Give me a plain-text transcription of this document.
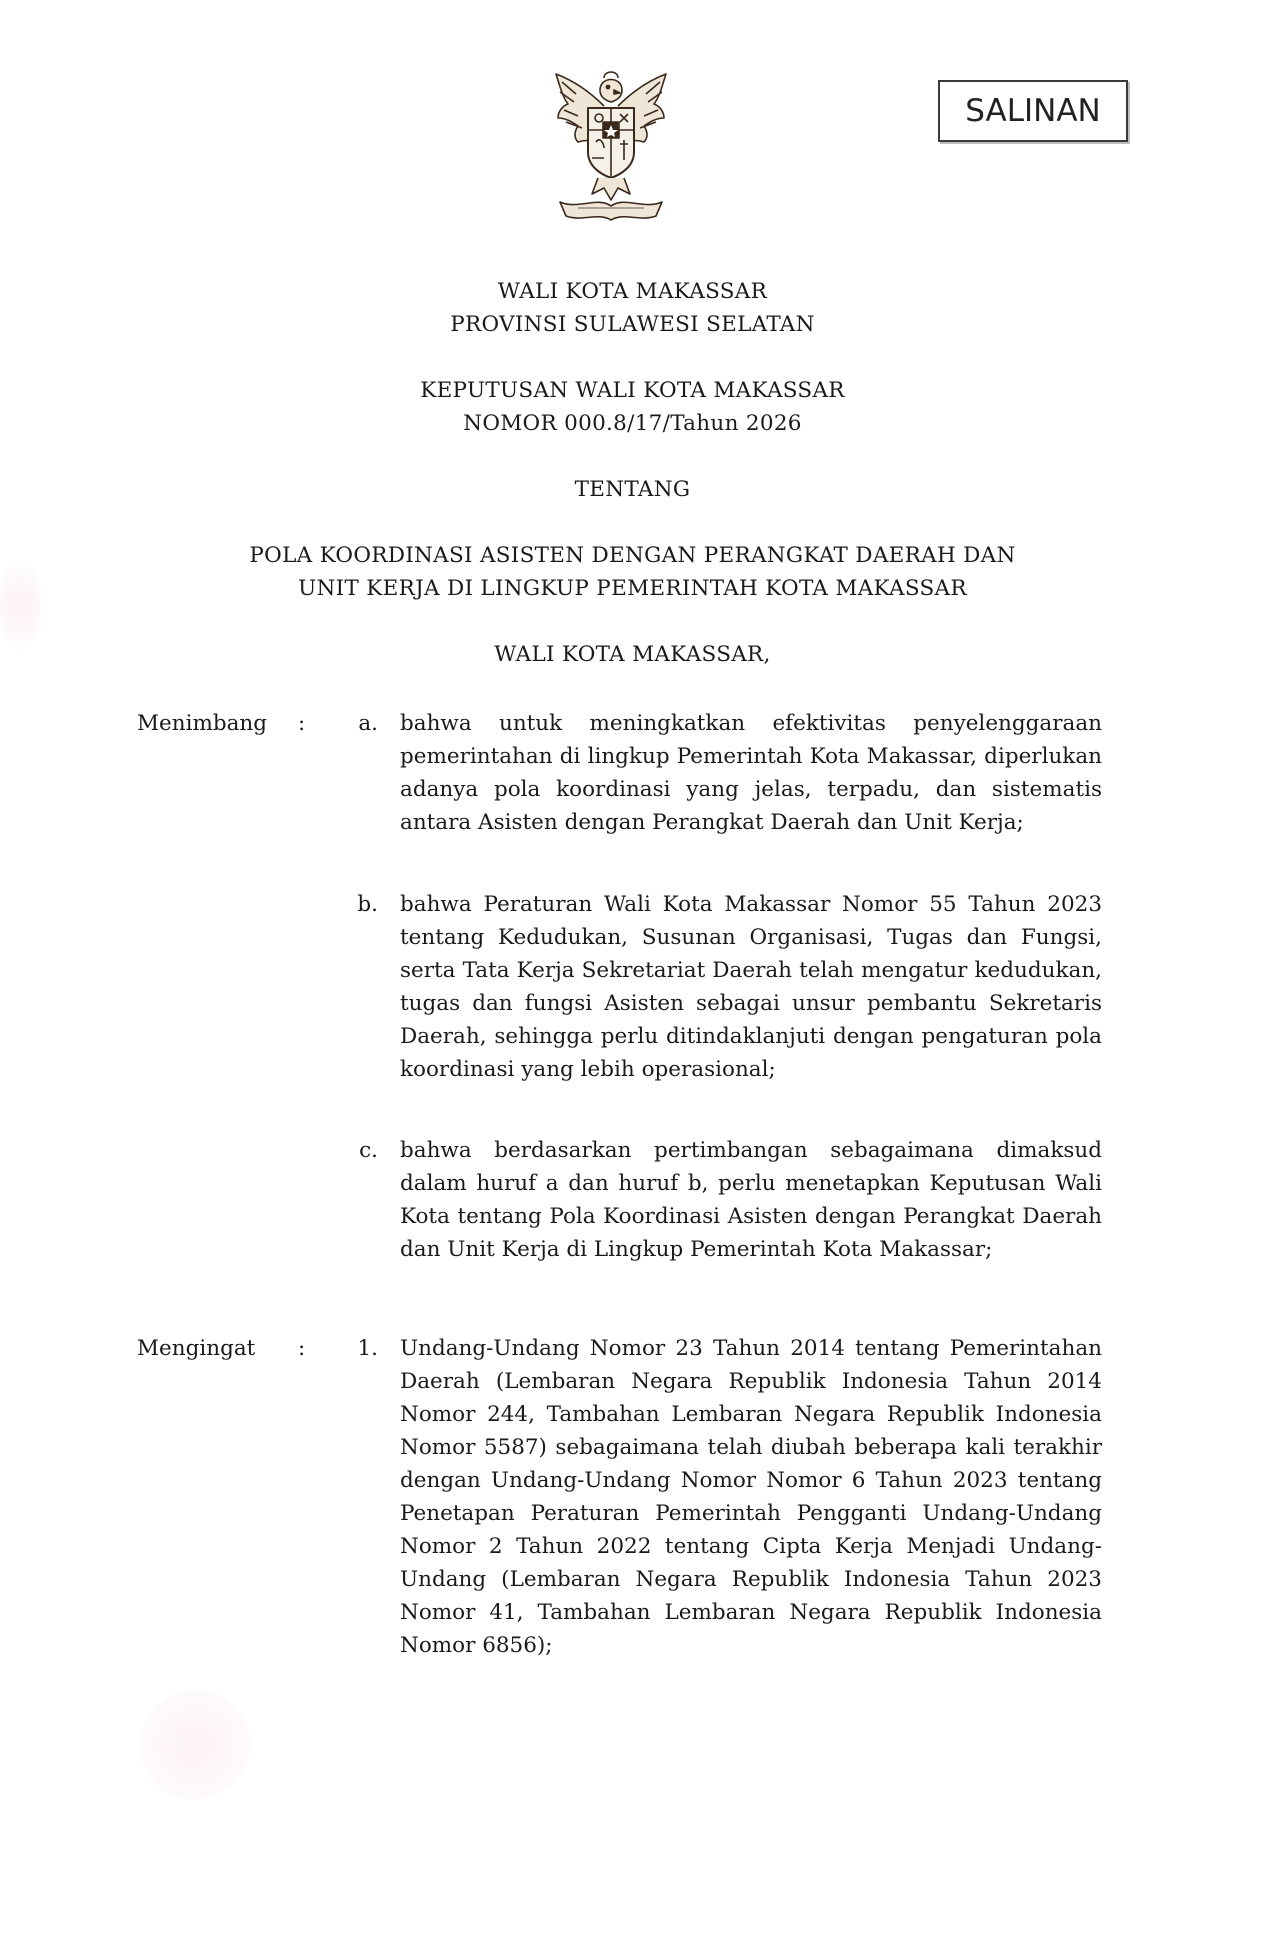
SALINAN
WALI KOTA MAKASSAR
PROVINSI SULAWESI SELATAN
KEPUTUSAN WALI KOTA MAKASSAR
NOMOR 000.8/17/Tahun 2026
TENTANG
POLA KOORDINASI ASISTEN DENGAN PERANGKAT DAERAH DAN
UNIT KERJA DI LINGKUP PEMERINTAH KOTA MAKASSAR
WALI KOTA MAKASSAR,
Menimbang :	a. bahwa untuk meningkatkan efektivitas penyelenggaraan pemerintahan di lingkup Pemerintah Kota Makassar, diperlukan adanya pola koordinasi yang jelas, terpadu, dan sistematis antara Asisten dengan Perangkat Daerah dan Unit Kerja;
b. bahwa Peraturan Wali Kota Makassar Nomor 55 Tahun 2023 tentang Kedudukan, Susunan Organisasi, Tugas dan Fungsi, serta Tata Kerja Sekretariat Daerah telah mengatur kedudukan, tugas dan fungsi Asisten sebagai unsur pembantu Sekretaris Daerah, sehingga perlu ditindaklanjuti dengan pengaturan pola koordinasi yang lebih operasional;
c. bahwa berdasarkan pertimbangan sebagaimana dimaksud dalam huruf a dan huruf b, perlu menetapkan Keputusan Wali Kota tentang Pola Koordinasi Asisten dengan Perangkat Daerah dan Unit Kerja di Lingkup Pemerintah Kota Makassar;
Mengingat :	1. Undang-Undang Nomor 23 Tahun 2014 tentang Pemerintahan Daerah (Lembaran Negara Republik Indonesia Tahun 2014 Nomor 244, Tambahan Lembaran Negara Republik Indonesia Nomor 5587) sebagaimana telah diubah beberapa kali terakhir dengan Undang-Undang Nomor Nomor 6 Tahun 2023 tentang Penetapan Peraturan Pemerintah Pengganti Undang-Undang Nomor 2 Tahun 2022 tentang Cipta Kerja Menjadi Undang-Undang (Lembaran Negara Republik Indonesia Tahun 2023 Nomor 41, Tambahan Lembaran Negara Republik Indonesia Nomor 6856);
